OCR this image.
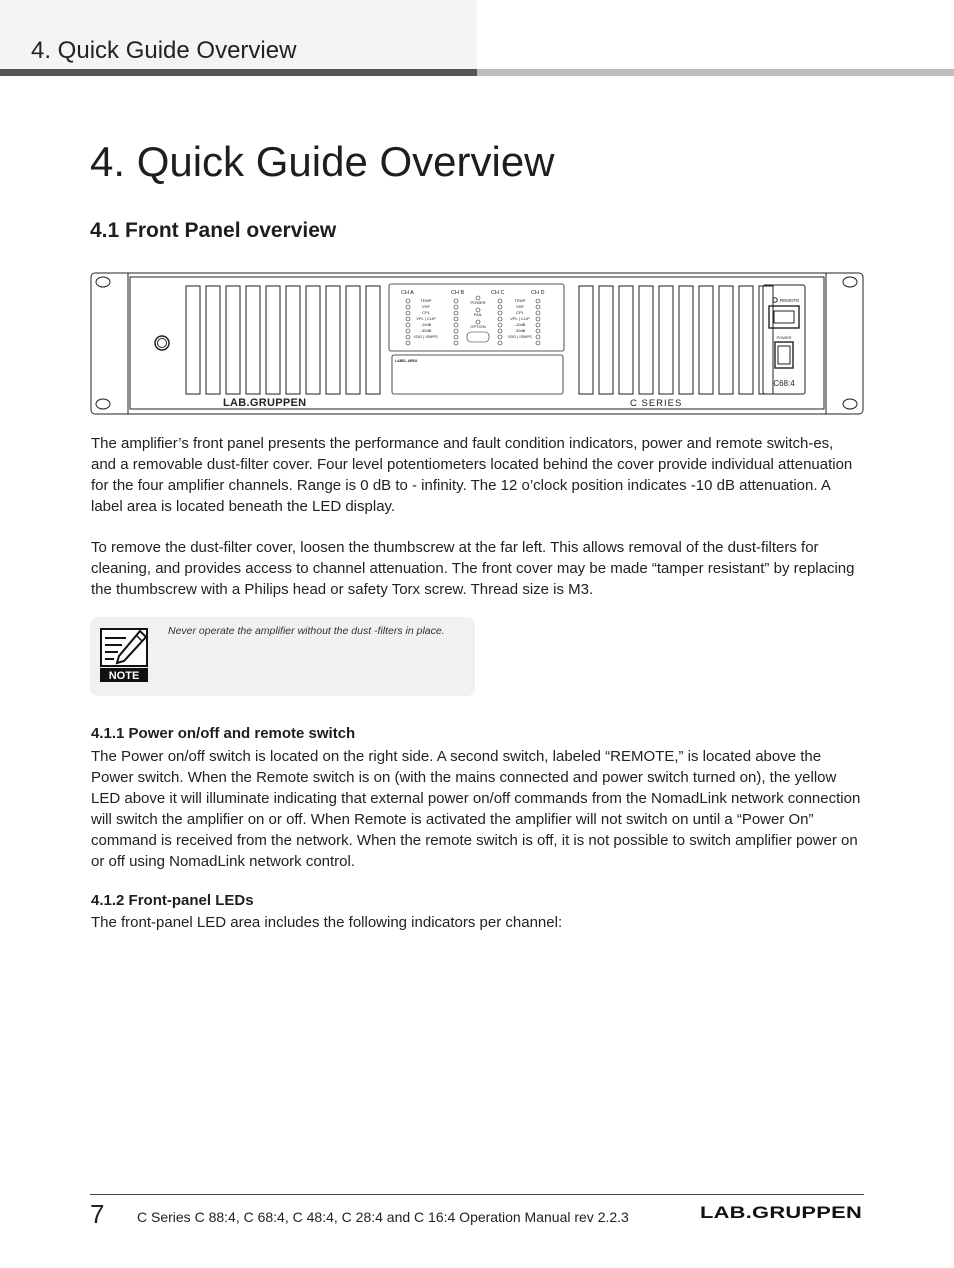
4. Quick Guide Overview
4. Quick Guide Overview
4.1 Front Panel overview
CH A	CH B	CH C	CH D
TEMP
VHF
CPL
VPL | CLIP
-10dB
-30dB
ISIG | ISMPS
POWER
FAIL
OPTION
TEMP
VHF
CPL
VPL | CLIP
-10dB
-30dB
ISIG | ISMPS
LABEL AREA
REMOTE
POWER
C68:4
LAB.GRUPPEN	C SERIES

The amplifier’s front panel presents the performance and fault condition indicators, power and remote switch-es, and a removable dust-filter cover. Four level potentiometers located behind the cover provide individual attenuation for the four amplifier channels. Range is 0 dB to - infinity. The 12 o’clock position indicates -10 dB attenuation. A label area is located beneath the LED display.

To remove the dust-filter cover, loosen the thumbscrew at the far left. This allows removal of the dust-filters for cleaning, and provides access to channel attenuation. The front cover may be made “tamper resistant” by replacing the thumbscrew with a Philips head or safety Torx screw. Thread size is M3.

NOTE
Never operate the amplifier without the dust -filters in place.
4.1.1 Power on/off and remote switch

The Power on/off switch is located on the right side. A second switch, labeled “REMOTE,” is located above the Power switch. When the Remote switch is on (with the mains connected and power switch turned on), the yellow LED above it will illuminate indicating that external power on/off commands from the NomadLink network connection will switch the amplifier on or off. When Remote is activated the amplifier will not switch on until a “Power On” command is received from the network. When the remote switch is off, it is not possible to switch amplifier power on or off using NomadLink network control.

4.1.2 Front-panel LEDs

The front-panel LED area includes the following indicators per channel:

7 C Series C 88:4, C 68:4, C 48:4, C 28:4 and C 16:4 Operation Manual rev 2.2.3	LAB.GRUPPEN
